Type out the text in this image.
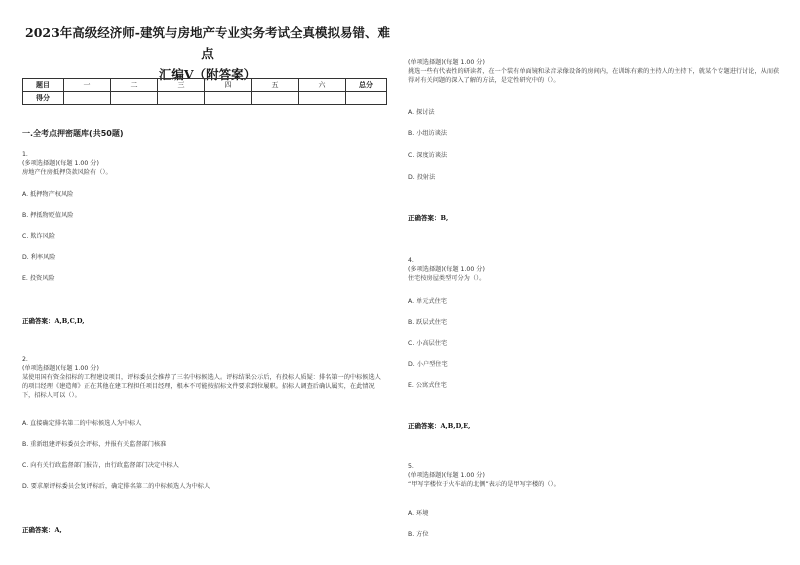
2023年高级经济师-建筑与房地产专业实务考试全真模拟易错、难点
汇编V（附答案）
题目	一	二	三	四	五	六	总分
得分							
一.全考点押密题库(共50题)
1.
(多项选择题)(每题 1.00 分)
房地产住房抵押贷款风险有（）。
A. 抵押物产权风险
B. 押抵物贬值风险
C. 欺诈风险
D. 利率风险
E. 投资风险
正确答案：A,B,C,D,
2.
(单项选择题)(每题 1.00 分)
某使用国有资金招标的工程建设项目，评标委员会推荐了三名中标候选人。评标结果公示后，有投标人质疑：排名第一的中标候选人的项目经理《建造师》正在其他在建工程担任项目经理，根本不可能按招标文件要求到位履职。招标人调查后确认属实，在此情况下，招标人可以（）。
A. 直接确定排名第二的中标候选人为中标人
B. 重新组建评标委员会评标，并报有关监督部门核准
C. 向有关行政监督部门报告，由行政监督部门决定中标人
D. 要求原评标委员会复评标后，确定排名第二的中标候选人为中标人
正确答案：A,
(单项选择题)(每题 1.00 分)
挑选一些有代表性的研读者，在一个装有单面镜和录音录像设备的房间内，在训练有素的主持人的主持下，就某个专题进行讨论，从而获得对有关问题的深入了解的方法，是定性研究中的（）。
A. 探讨法
B. 小组访谈法
C. 深度访谈法
D. 投射法
正确答案：B,
4.
(多项选择题)(每题 1.00 分)
住宅按房屋类型可分为（）。
A. 单元式住宅
B. 跃层式住宅
C. 小高层住宅
D. 小户型住宅
E. 公寓式住宅
正确答案：A,B,D,E,
5.
(单项选择题)(每题 1.00 分)
“甲写字楼位于火车站的北侧”表示的是甲写字楼的（）。
A. 环境
B. 方位
